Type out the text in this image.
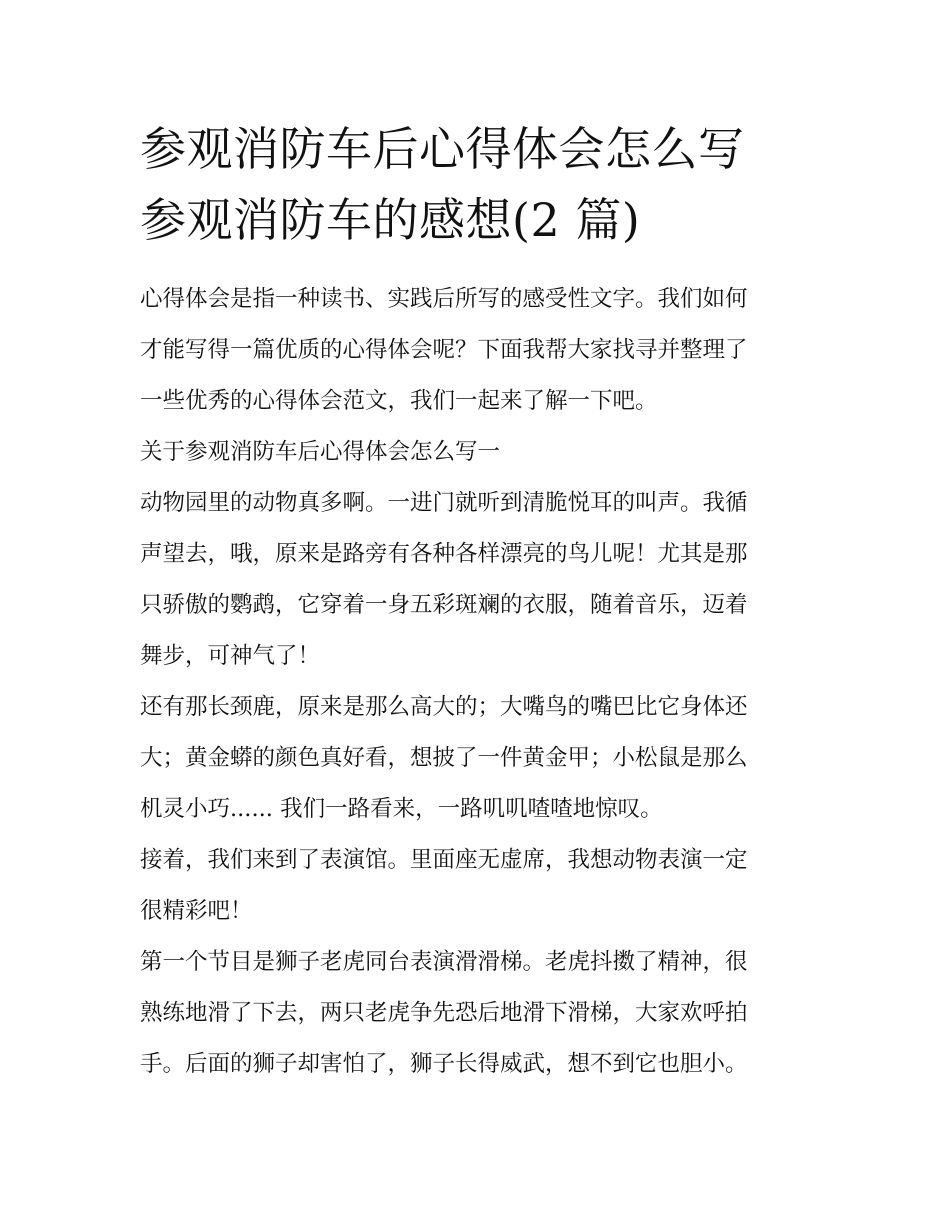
参观消防车后心得体会怎么写
参观消防车的感想(2 篇)

心得体会是指一种读书、实践后所写的感受性文字。我们如何
才能写得一篇优质的心得体会呢？下面我帮大家找寻并整理了
一些优秀的心得体会范文，我们一起来了解一下吧。

关于参观消防车后心得体会怎么写一

动物园里的动物真多啊。一进门就听到清脆悦耳的叫声。我循
声望去，哦，原来是路旁有各种各样漂亮的鸟儿呢！尤其是那
只骄傲的鹦鹉，它穿着一身五彩斑斓的衣服，随着音乐，迈着
舞步，可神气了！

还有那长颈鹿，原来是那么高大的；大嘴鸟的嘴巴比它身体还
大；黄金蟒的颜色真好看，想披了一件黄金甲；小松鼠是那么
机灵小巧...... 我们一路看来，一路叽叽喳喳地惊叹。

接着，我们来到了表演馆。里面座无虚席，我想动物表演一定
很精彩吧！

第一个节目是狮子老虎同台表演滑滑梯。老虎抖擞了精神，很
熟练地滑了下去，两只老虎争先恐后地滑下滑梯，大家欢呼拍
手。后面的狮子却害怕了，狮子长得威武，想不到它也胆小。
